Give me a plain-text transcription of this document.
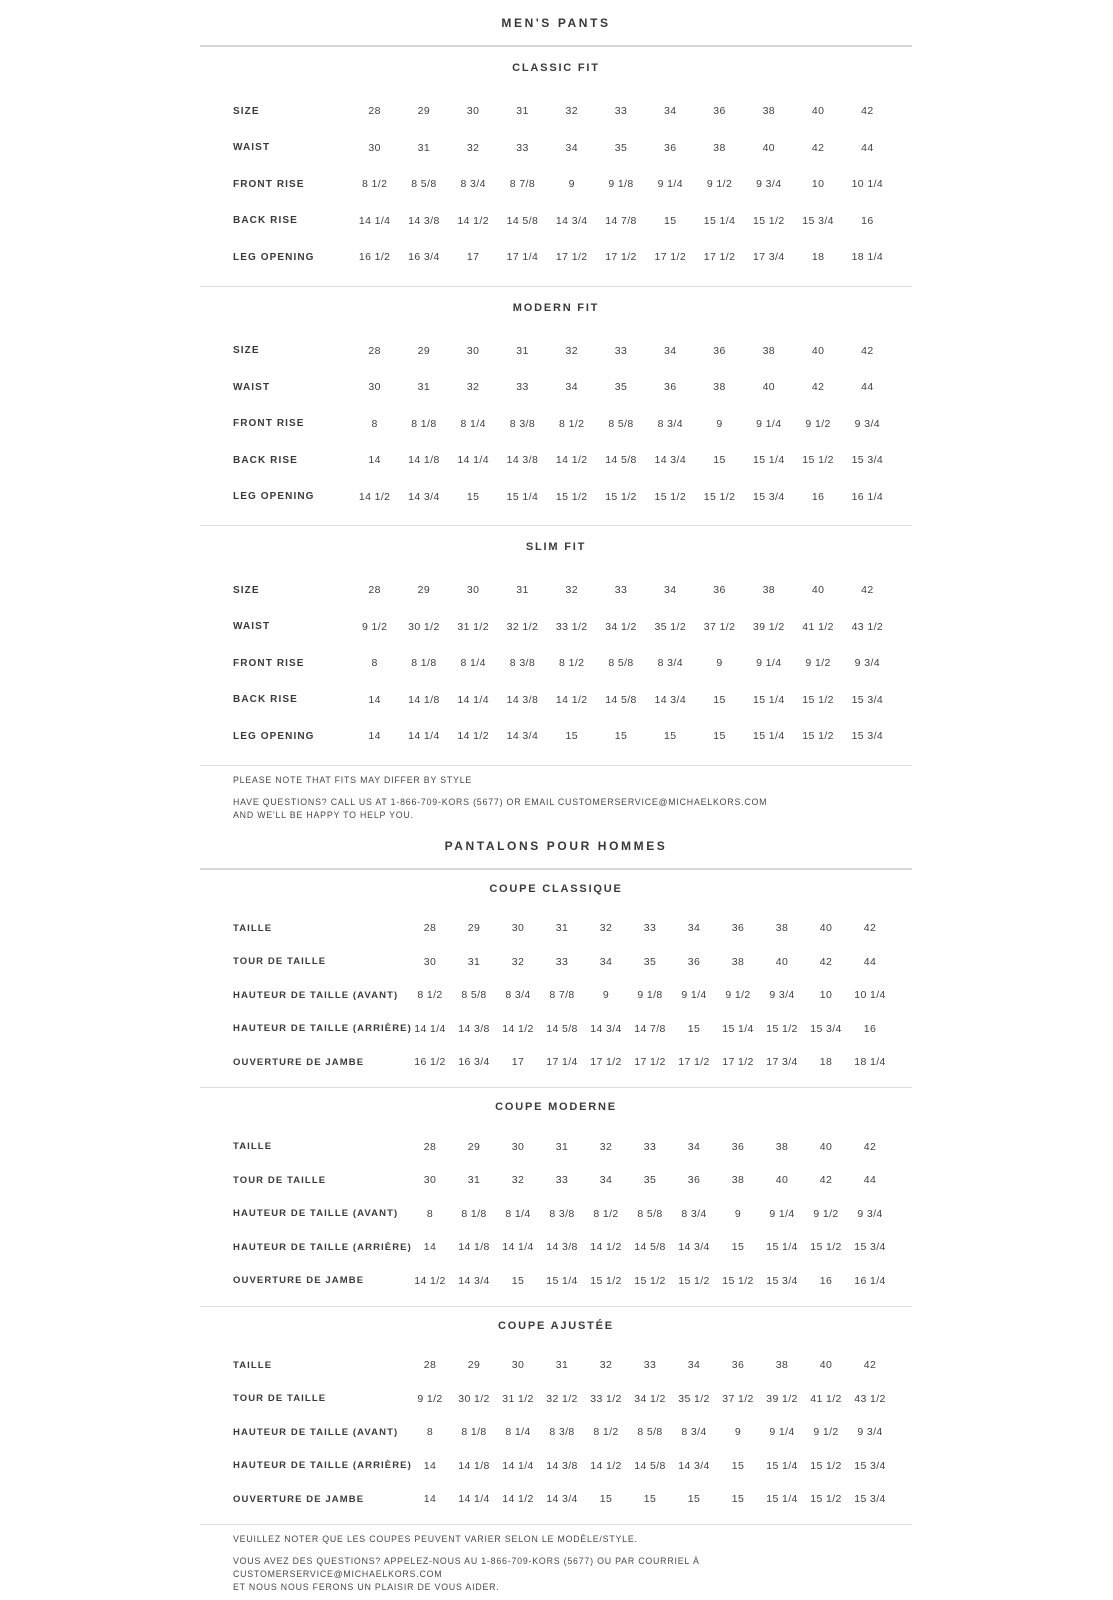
MEN'S PANTS
CLASSIC FIT
SIZE	28	29	30	31	32	33	34	36	38	40	42
WAIST	30	31	32	33	34	35	36	38	40	42	44
FRONT RISE	8 1/2	8 5/8	8 3/4	8 7/8	9	9 1/8	9 1/4	9 1/2	9 3/4	10	10 1/4
BACK RISE	14 1/4	14 3/8	14 1/2	14 5/8	14 3/4	14 7/8	15	15 1/4	15 1/2	15 3/4	16
LEG OPENING	16 1/2	16 3/4	17	17 1/4	17 1/2	17 1/2	17 1/2	17 1/2	17 3/4	18	18 1/4
MODERN FIT
SIZE	28	29	30	31	32	33	34	36	38	40	42
WAIST	30	31	32	33	34	35	36	38	40	42	44
FRONT RISE	8	8 1/8	8 1/4	8 3/8	8 1/2	8 5/8	8 3/4	9	9 1/4	9 1/2	9 3/4
BACK RISE	14	14 1/8	14 1/4	14 3/8	14 1/2	14 5/8	14 3/4	15	15 1/4	15 1/2	15 3/4
LEG OPENING	14 1/2	14 3/4	15	15 1/4	15 1/2	15 1/2	15 1/2	15 1/2	15 3/4	16	16 1/4
SLIM FIT
SIZE	28	29	30	31	32	33	34	36	38	40	42
WAIST	9 1/2	30 1/2	31 1/2	32 1/2	33 1/2	34 1/2	35 1/2	37 1/2	39 1/2	41 1/2	43 1/2
FRONT RISE	8	8 1/8	8 1/4	8 3/8	8 1/2	8 5/8	8 3/4	9	9 1/4	9 1/2	9 3/4
BACK RISE	14	14 1/8	14 1/4	14 3/8	14 1/2	14 5/8	14 3/4	15	15 1/4	15 1/2	15 3/4
LEG OPENING	14	14 1/4	14 1/2	14 3/4	15	15	15	15	15 1/4	15 1/2	15 3/4

PLEASE NOTE THAT FITS MAY DIFFER BY STYLE

HAVE QUESTIONS? CALL US AT 1-866-709-KORS (5677) OR EMAIL CUSTOMERSERVICE@MICHAELKORS.COM
AND WE'LL BE HAPPY TO HELP YOU.

PANTALONS POUR HOMMES
COUPE CLASSIQUE
TAILLE	28	29	30	31	32	33	34	36	38	40	42
TOUR DE TAILLE	30	31	32	33	34	35	36	38	40	42	44
HAUTEUR DE TAILLE (AVANT)	8 1/2	8 5/8	8 3/4	8 7/8	9	9 1/8	9 1/4	9 1/2	9 3/4	10	10 1/4
HAUTEUR DE TAILLE (ARRIÈRE) 14 1/4	14 3/8	14 1/2	14 5/8	14 3/4	14 7/8	15	15 1/4	15 1/2	15 3/4	16
OUVERTURE DE JAMBE	16 1/2	16 3/4	17	17 1/4	17 1/2	17 1/2	17 1/2	17 1/2	17 3/4	18	18 1/4
COUPE MODERNE
TAILLE	28	29	30	31	32	33	34	36	38	40	42
TOUR DE TAILLE	30	31	32	33	34	35	36	38	40	42	44
HAUTEUR DE TAILLE (AVANT)	8	8 1/8	8 1/4	8 3/8	8 1/2	8 5/8	8 3/4	9	9 1/4	9 1/2	9 3/4
HAUTEUR DE TAILLE (ARRIÈRE)	14	14 1/8	14 1/4	14 3/8	14 1/2	14 5/8	14 3/4	15	15 1/4	15 1/2	15 3/4
OUVERTURE DE JAMBE	14 1/2	14 3/4	15	15 1/4	15 1/2	15 1/2	15 1/2	15 1/2	15 3/4	16	16 1/4
COUPE AJUSTÉE
TAILLE	28	29	30	31	32	33	34	36	38	40	42
TOUR DE TAILLE	9 1/2	30 1/2	31 1/2	32 1/2	33 1/2	34 1/2	35 1/2	37 1/2	39 1/2	41 1/2	43 1/2
HAUTEUR DE TAILLE (AVANT)	8	8 1/8	8 1/4	8 3/8	8 1/2	8 5/8	8 3/4	9	9 1/4	9 1/2	9 3/4
HAUTEUR DE TAILLE (ARRIÈRE)	14	14 1/8	14 1/4	14 3/8	14 1/2	14 5/8	14 3/4	15	15 1/4	15 1/2	15 3/4
OUVERTURE DE JAMBE	14	14 1/4	14 1/2	14 3/4	15	15	15	15	15 1/4	15 1/2	15 3/4

VEUILLEZ NOTER QUE LES COUPES PEUVENT VARIER SELON LE MODÈLE/STYLE.

VOUS AVEZ DES QUESTIONS? APPELEZ-NOUS AU 1-866-709-KORS (5677) OU PAR COURRIEL À CUSTOMERSERVICE@MICHAELKORS.COM
ET NOUS NOUS FERONS UN PLAISIR DE VOUS AIDER.
